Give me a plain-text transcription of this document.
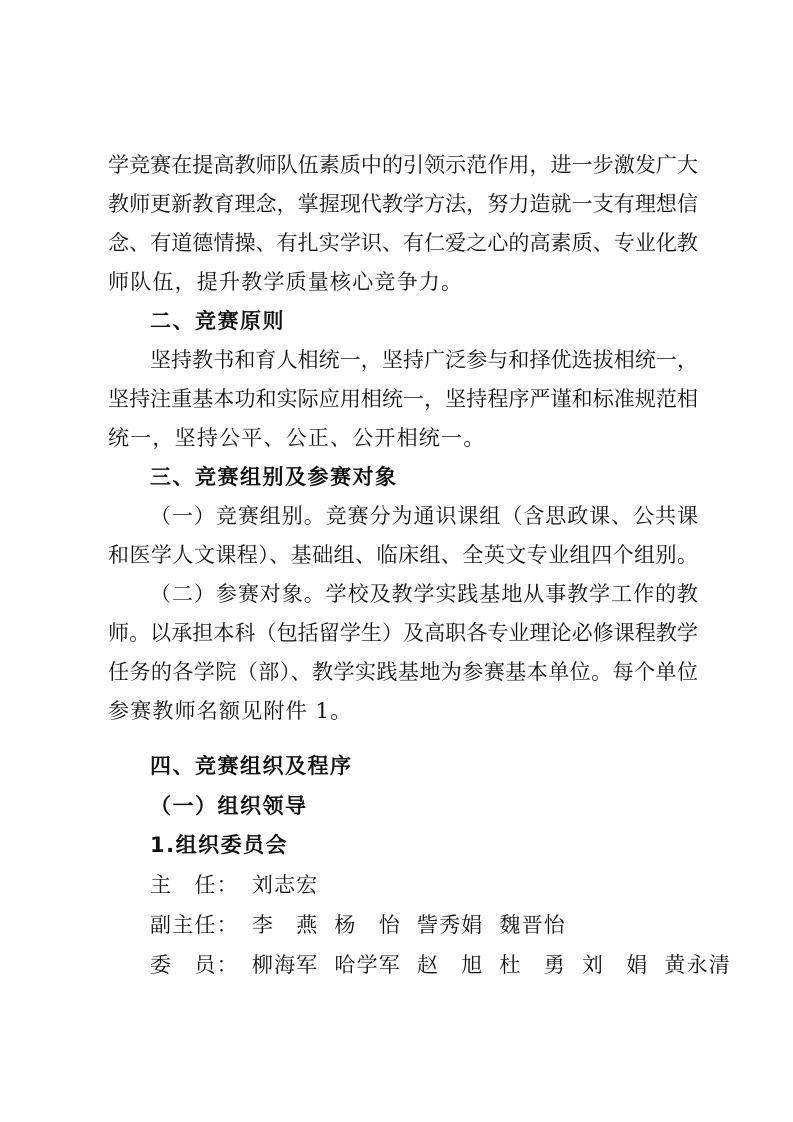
学竞赛在提高教师队伍素质中的引领示范作用，进一步激发广大
教师更新教育理念，掌握现代教学方法，努力造就一支有理想信
念、有道德情操、有扎实学识、有仁爱之心的高素质、专业化教
师队伍，提升教学质量核心竞争力。
二、竞赛原则
坚持教书和育人相统一，坚持广泛参与和择优选拔相统一，
坚持注重基本功和实际应用相统一，坚持程序严谨和标准规范相
统一，坚持公平、公正、公开相统一。
三、竞赛组别及参赛对象
（一）竞赛组别。竞赛分为通识课组（含思政课、公共课
和医学人文课程）、基础组、临床组、全英文专业组四个组别。
（二）参赛对象。学校及教学实践基地从事教学工作的教
师。以承担本科（包括留学生）及高职各专业理论必修课程教学
任务的各学院（部）、教学实践基地为参赛基本单位。每个单位
参赛教师名额见附件 1。
四、竞赛组织及程序
（一）组织领导
1.组织委员会
主　任： 刘志宏
副主任： 李　燕 杨　怡 訾秀娟 魏晋怡
委　员： 柳海军 哈学军 赵　旭 杜　勇 刘　娟 黄永清
